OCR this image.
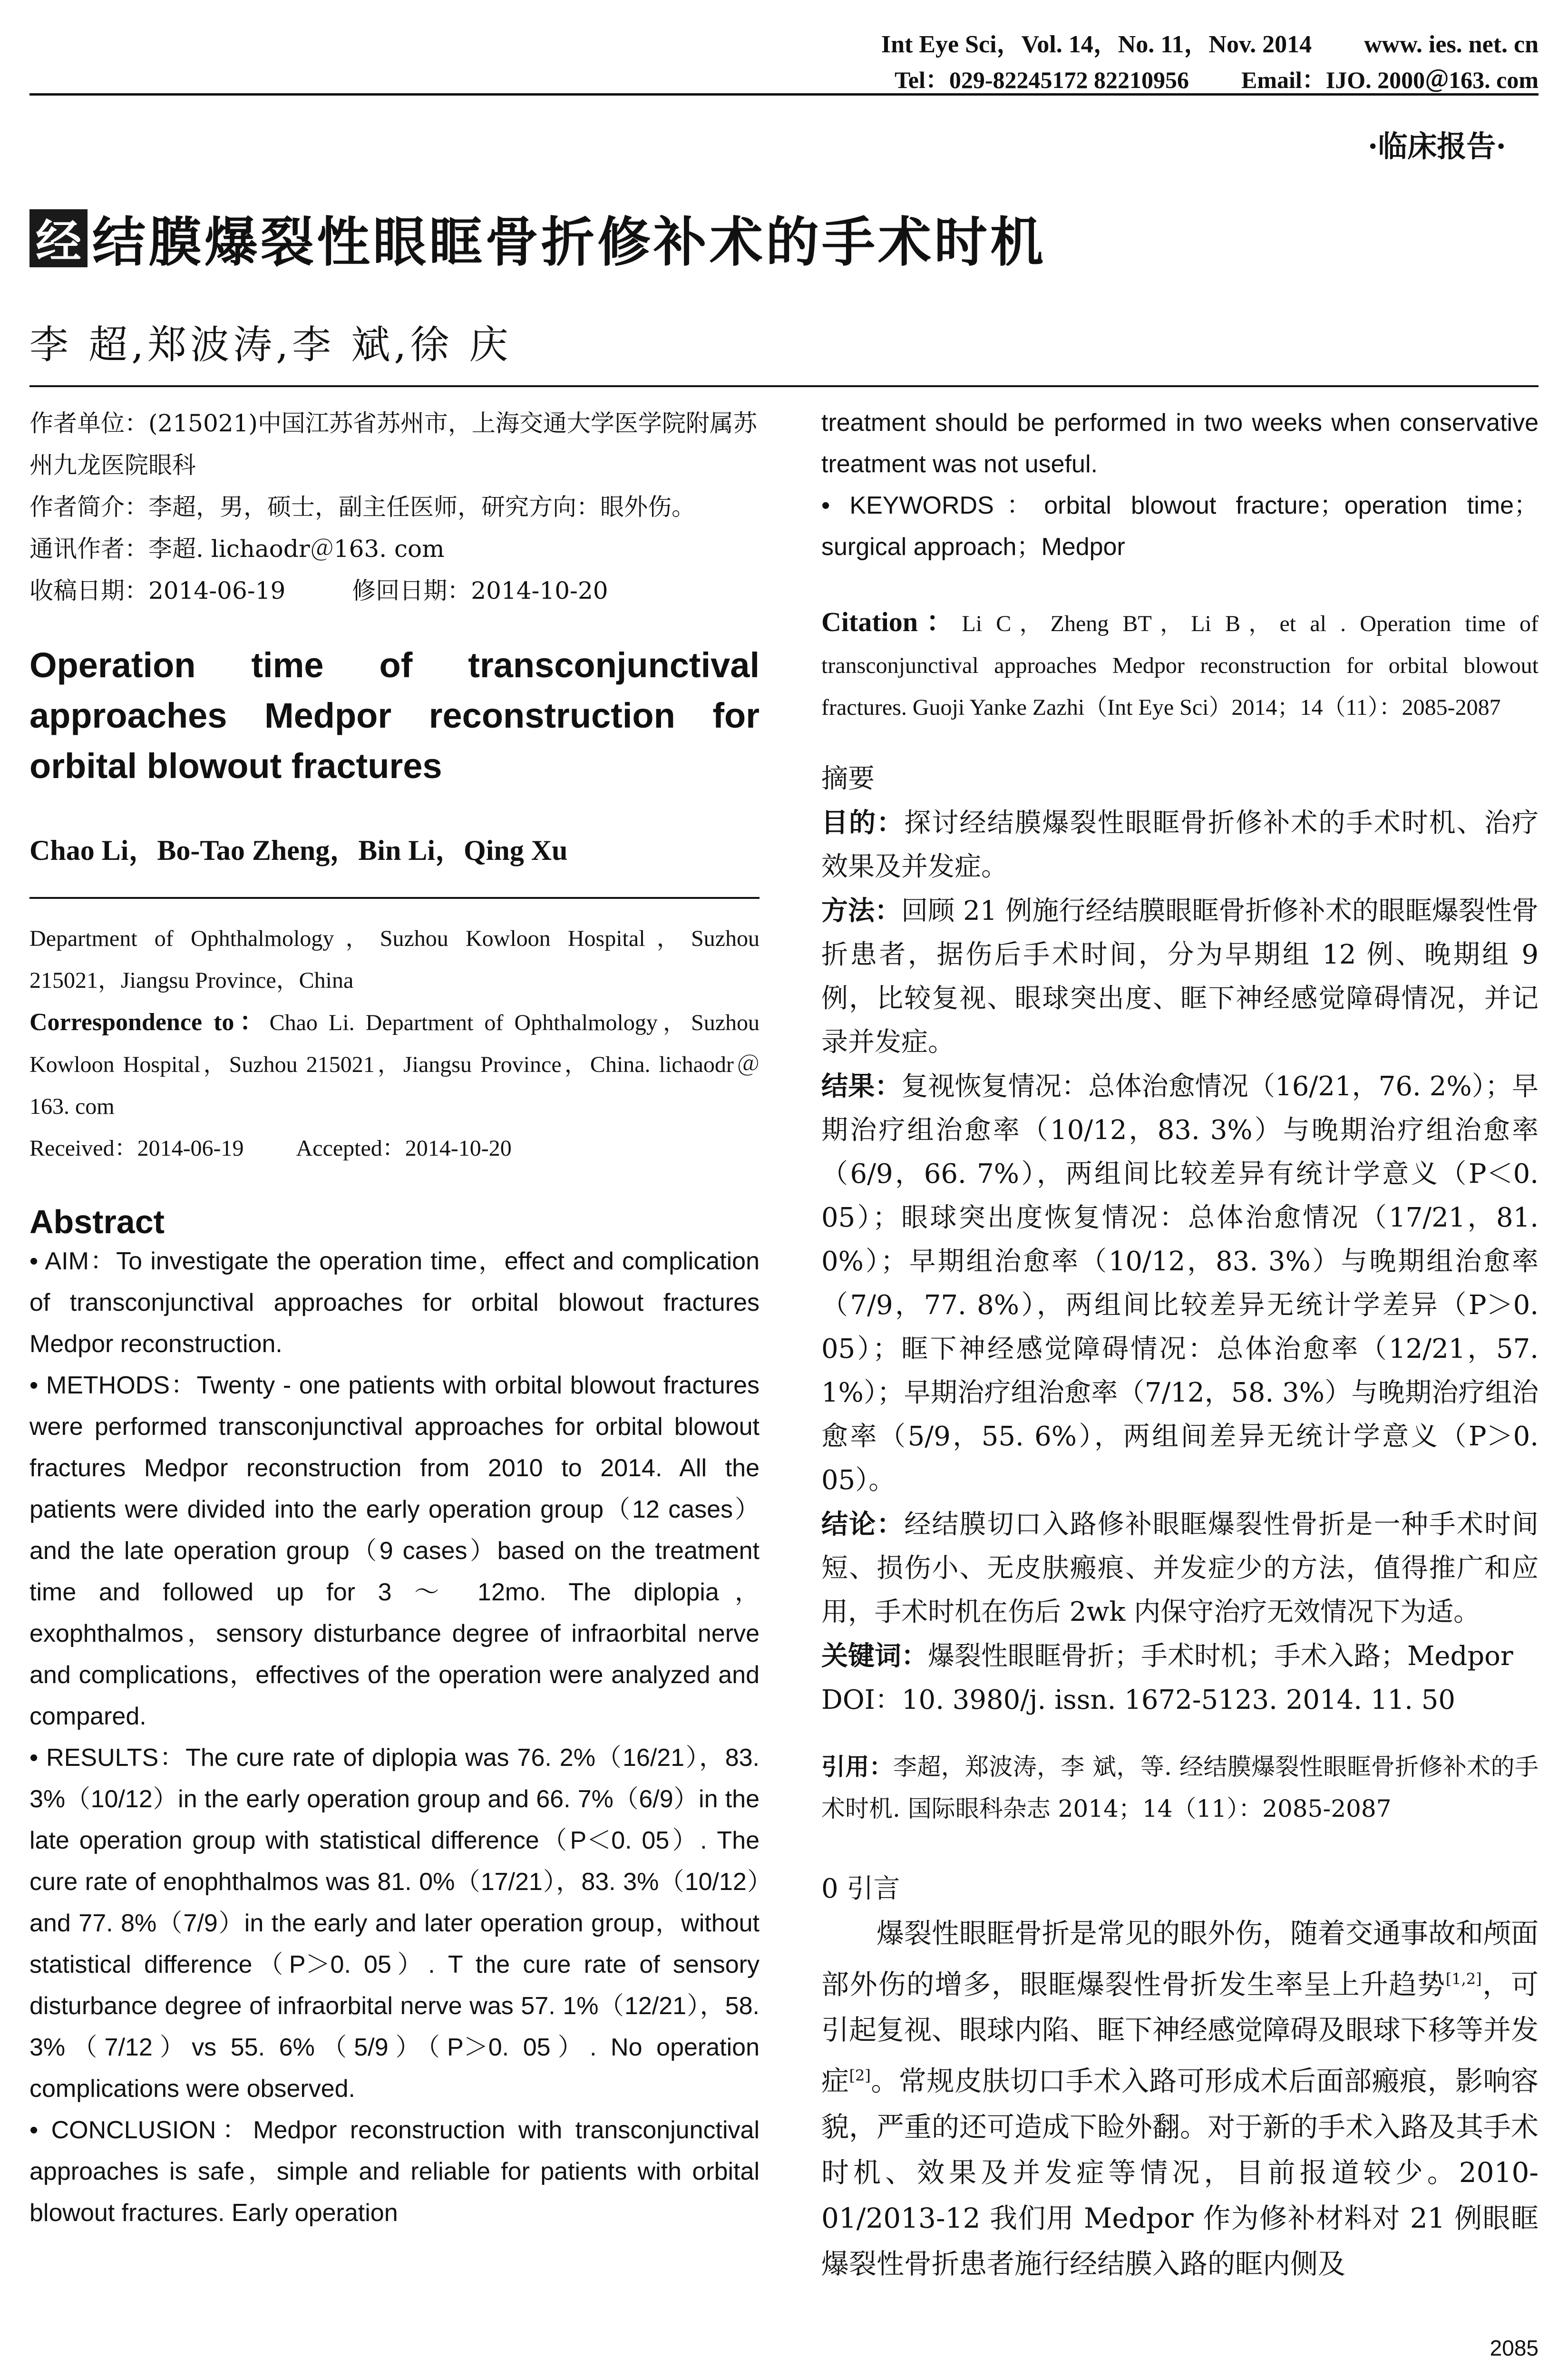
Int Eye Sci，Vol. 14，No. 11，Nov. 2014 www. ies. net. cn
Tel：029-82245172 82210956 Email：IJO. 2000＠163. com
·临床报告·
经 结膜爆裂性眼眶骨折修补术的手术时机
李 超,郑波涛,李 斌,徐 庆
作者单位：(215021)中国江苏省苏州市，上海交通大学医学院附属苏州九龙医院眼科
作者简介：李超，男，硕士，副主任医师，研究方向：眼外伤。
通讯作者：李超. lichaodr＠163. com
收稿日期：2014-06-19	修回日期：2014-10-20
Operation time of transconjunctival approaches Medpor reconstruction for orbital blowout fractures
Chao Li，Bo-Tao Zheng，Bin Li，Qing Xu
Department of Ophthalmology，Suzhou Kowloon Hospital，Suzhou 215021，Jiangsu Province，China
Correspondence to：Chao Li. Department of Ophthalmology，Suzhou Kowloon Hospital，Suzhou 215021，Jiangsu Province，China. lichaodr＠163. com
Received：2014-06-19 Accepted：2014-10-20
Abstract

• AIM：To investigate the operation time，effect and complication of transconjunctival approaches for orbital blowout fractures Medpor reconstruction.

• METHODS：Twenty - one patients with orbital blowout fractures were performed transconjunctival approaches for orbital blowout fractures Medpor reconstruction from 2010 to 2014. All the patients were divided into the early operation group（12 cases）and the late operation group（9 cases）based on the treatment time and followed up for 3 ～ 12mo. The diplopia，exophthalmos，sensory disturbance degree of infraorbital nerve and complications，effectives of the operation were analyzed and compared.

• RESULTS：The cure rate of diplopia was 76. 2%（16/21），83. 3%（10/12）in the early operation group and 66. 7%（6/9）in the late operation group with statistical difference（P＜0. 05）. The cure rate of enophthalmos was 81. 0%（17/21），83. 3%（10/12）and 77. 8%（7/9）in the early and later operation group，without statistical difference（P＞0. 05）. T the cure rate of sensory disturbance degree of infraorbital nerve was 57. 1%（12/21），58. 3%（7/12）vs 55. 6%（5/9）（P＞0. 05）. No operation complications were observed.

• CONCLUSION：Medpor reconstruction with transconjunctival approaches is safe，simple and reliable for patients with orbital blowout fractures. Early operation

treatment should be performed in two weeks when conservative treatment was not useful.

• KEYWORDS：orbital blowout fracture；operation time；surgical approach；Medpor

Citation：Li C，Zheng BT，Li B，et al . Operation time of transconjunctival approaches Medpor reconstruction for orbital blowout fractures. Guoji Yanke Zazhi（Int Eye Sci）2014；14（11）：2085-2087
摘要

目的：探讨经结膜爆裂性眼眶骨折修补术的手术时机、治疗效果及并发症。

方法：回顾 21 例施行经结膜眼眶骨折修补术的眼眶爆裂性骨折患者，据伤后手术时间，分为早期组 12 例、晚期组 9 例，比较复视、眼球突出度、眶下神经感觉障碍情况，并记录并发症。

结果：复视恢复情况：总体治愈情况（16/21，76. 2%）；早期治疗组治愈率（10/12，83. 3%）与晚期治疗组治愈率（6/9，66. 7%），两组间比较差异有统计学意义（P＜0. 05）；眼球突出度恢复情况：总体治愈情况（17/21，81. 0%）；早期组治愈率（10/12，83. 3%）与晚期组治愈率（7/9，77. 8%），两组间比较差异无统计学差异（P＞0. 05）；眶下神经感觉障碍情况：总体治愈率（12/21，57. 1%）；早期治疗组治愈率（7/12，58. 3%）与晚期治疗组治愈率（5/9，55. 6%），两组间差异无统计学意义（P＞0. 05）。

结论：经结膜切口入路修补眼眶爆裂性骨折是一种手术时间短、损伤小、无皮肤瘢痕、并发症少的方法，值得推广和应用，手术时机在伤后 2wk 内保守治疗无效情况下为适。

关键词：爆裂性眼眶骨折；手术时机；手术入路；Medpor

DOI：10. 3980/j. issn. 1672-5123. 2014. 11. 50

引用：李超，郑波涛，李 斌，等. 经结膜爆裂性眼眶骨折修补术的手术时机. 国际眼科杂志 2014；14（11）：2085-2087
0 引言

爆裂性眼眶骨折是常见的眼外伤，随着交通事故和颅面部外伤的增多，眼眶爆裂性骨折发生率呈上升趋势[1,2]，可引起复视、眼球内陷、眶下神经感觉障碍及眼球下移等并发症[2]。常规皮肤切口手术入路可形成术后面部瘢痕，影响容貌，严重的还可造成下睑外翻。对于新的手术入路及其手术时机、效果及并发症等情况，目前报道较少。2010-01/2013-12 我们用 Medpor 作为修补材料对 21 例眼眶爆裂性骨折患者施行经结膜入路的眶内侧及

2085
